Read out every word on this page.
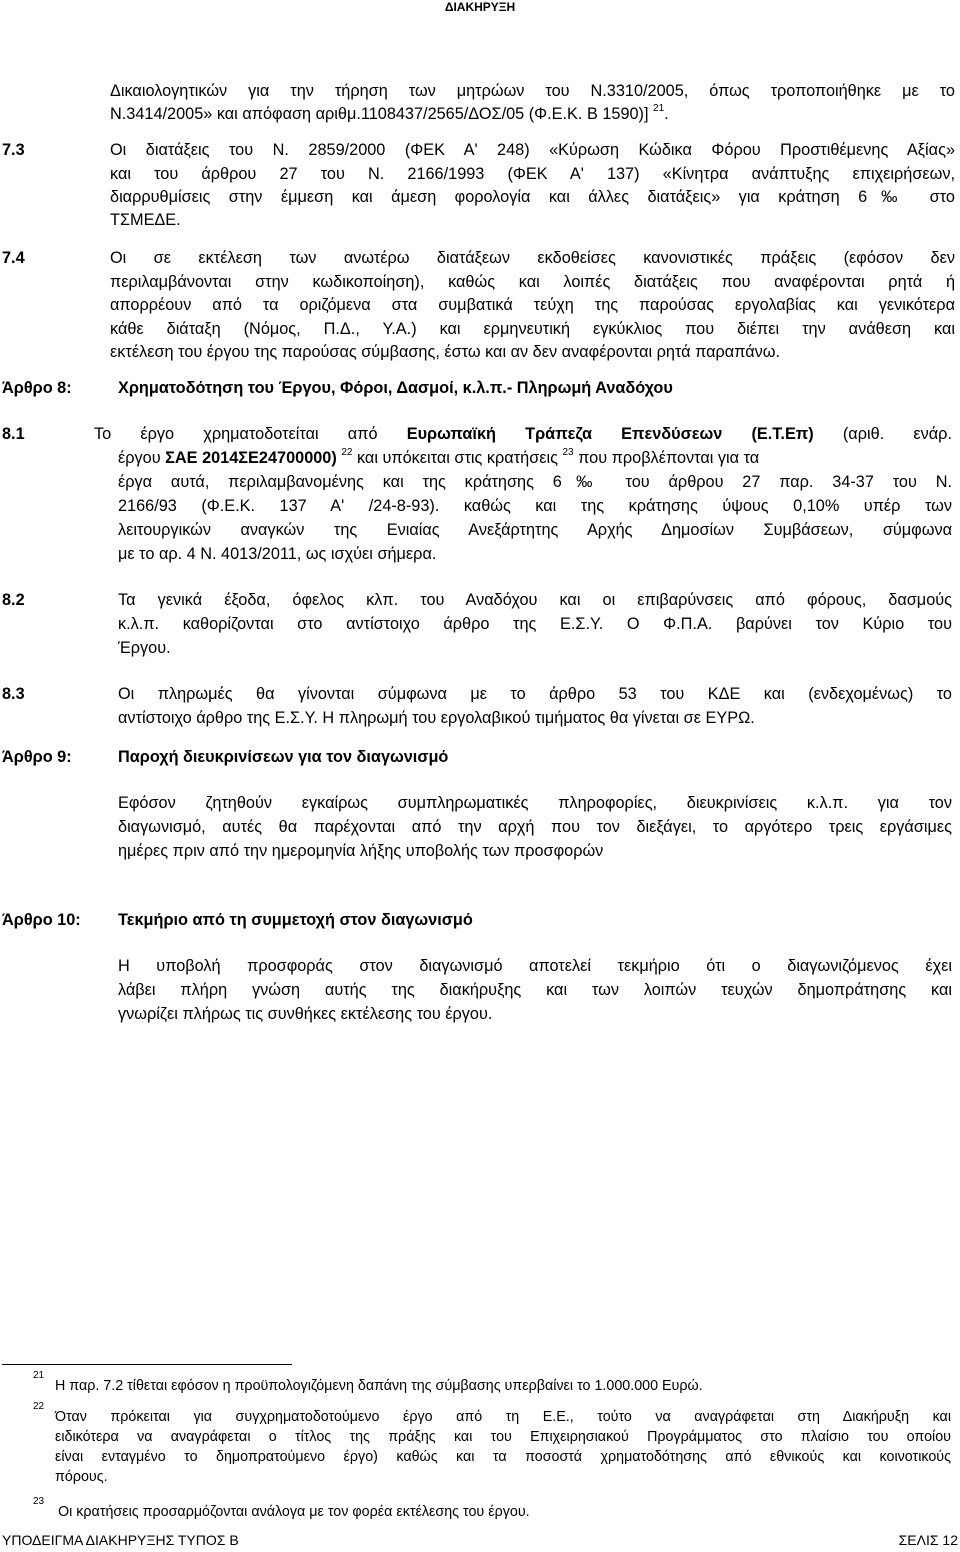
ΔΙΑΚΗΡΥΞΗ
Δικαιολογητικών για την τήρηση των μητρώων του Ν.3310/2005, όπως τροποποιήθηκε με το
Ν.3414/2005» και απόφαση αριθμ.1108437/2565/ΔΟΣ/05 (Φ.Ε.Κ. Β 1590)] $^{21}$.
7.3	Οι διατάξεις του Ν. 2859/2000 (ΦΕΚ Α' 248) «Κύρωση Κώδικα Φόρου Προστιθέμενης Αξίας»
και του άρθρου 27 του Ν. 2166/1993 (ΦΕΚ Α' 137) «Κίνητρα ανάπτυξης επιχειρήσεων,
διαρρυθμίσεις στην έμμεση και άμεση φορολογία και άλλες διατάξεις» για κράτηση 6‰ στο
ΤΣΜΕΔΕ.
7.4	Οι σε εκτέλεση των ανωτέρω διατάξεων εκδοθείσες κανονιστικές πράξεις (εφόσον δεν
περιλαμβάνονται στην κωδικοποίηση), καθώς και λοιπές διατάξεις που αναφέρονται ρητά ή
απορρέουν από τα οριζόμενα στα συμβατικά τεύχη της παρούσας εργολαβίας και γενικότερα
κάθε διάταξη (Νόμος, Π.Δ., Υ.Α.) και ερμηνευτική εγκύκλιος που διέπει την ανάθεση και
εκτέλεση του έργου της παρούσας σύμβασης, έστω και αν δεν αναφέρονται ρητά παραπάνω.
Άρθρο 8:	Χρηματοδότηση του Έργου, Φόροι, Δασμοί, κ.λ.π.- Πληρωμή Αναδόχου
8.1	Το έργο χρηματοδοτείται από Ευρωπαϊκή Τράπεζα Επενδύσεων (Ε.Τ.Επ) (αριθ. ενάρ.
έργου ΣΑΕ 2014ΣΕ24700000) $^{22}$ και υπόκειται στις κρατήσεις $^{23}$ που προβλέπονται για τα
έργα αυτά, περιλαμβανομένης και της κράτησης 6‰ του άρθρου 27 παρ. 34-37 του Ν.
2166/93 (Φ.Ε.Κ. 137 Α' /24-8-93). καθώς και της κράτησης ύψους 0,10% υπέρ των
λειτουργικών αναγκών της Ενιαίας Ανεξάρτητης Αρχής Δημοσίων Συμβάσεων, σύμφωνα
με το αρ. 4 Ν. 4013/2011, ως ισχύει σήμερα.
8.2	Τα γενικά έξοδα, όφελος κλπ. του Αναδόχου και οι επιβαρύνσεις από φόρους, δασμούς
κ.λ.π. καθορίζονται στο αντίστοιχο άρθρο της Ε.Σ.Υ. Ο Φ.Π.Α. βαρύνει τον Κύριο του
Έργου.
8.3	Οι πληρωμές θα γίνονται σύμφωνα με το άρθρο 53 του ΚΔΕ και (ενδεχομένως) το
αντίστοιχο άρθρο της Ε.Σ.Υ. Η πληρωμή του εργολαβικού τιμήματος θα γίνεται σε ΕΥΡΩ.
Άρθρο 9:	Παροχή διευκρινίσεων για τον διαγωνισμό
Εφόσον ζητηθούν εγκαίρως συμπληρωματικές πληροφορίες, διευκρινίσεις κ.λ.π. για τον
διαγωνισμό, αυτές θα παρέχονται από την αρχή που τον διεξάγει, το αργότερο τρεις εργάσιμες
ημέρες πριν από την ημερομηνία λήξης υποβολής των προσφορών
Άρθρο 10: Τεκμήριο από τη συμμετοχή στον διαγωνισμό
Η υποβολή προσφοράς στον διαγωνισμό αποτελεί τεκμήριο ότι ο διαγωνιζόμενος έχει
λάβει πλήρη γνώση αυτής της διακήρυξης και των λοιπών τευχών δημοπράτησης και
γνωρίζει πλήρως τις συνθήκες εκτέλεσης του έργου.
21
Η παρ. 7.2 τίθεται εφόσον η προϋπολογιζόμενη δαπάνη της σύμβασης υπερβαίνει το 1.000.000 Ευρώ.
22
Όταν πρόκειται για συγχρηματοδοτούμενο έργο από τη Ε.Ε., τούτο να αναγράφεται στη Διακήρυξη και
ειδικότερα να αναγράφεται ο τίτλος της πράξης και του Επιχειρησιακού Προγράμματος στο πλαίσιο του οποίου
είναι ενταγμένο το δημοπρατούμενο έργο) καθώς και τα ποσοστά χρηματοδότησης από εθνικούς και κοινοτικούς
πόρους.
23
Οι κρατήσεις προσαρμόζονται ανάλογα με τον φορέα εκτέλεσης του έργου.
ΥΠΟΔΕΙΓΜΑ ΔΙΑΚΗΡΥΞΗΣ ΤΥΠΟΣ Β	ΣΕΛΙΣ 12
